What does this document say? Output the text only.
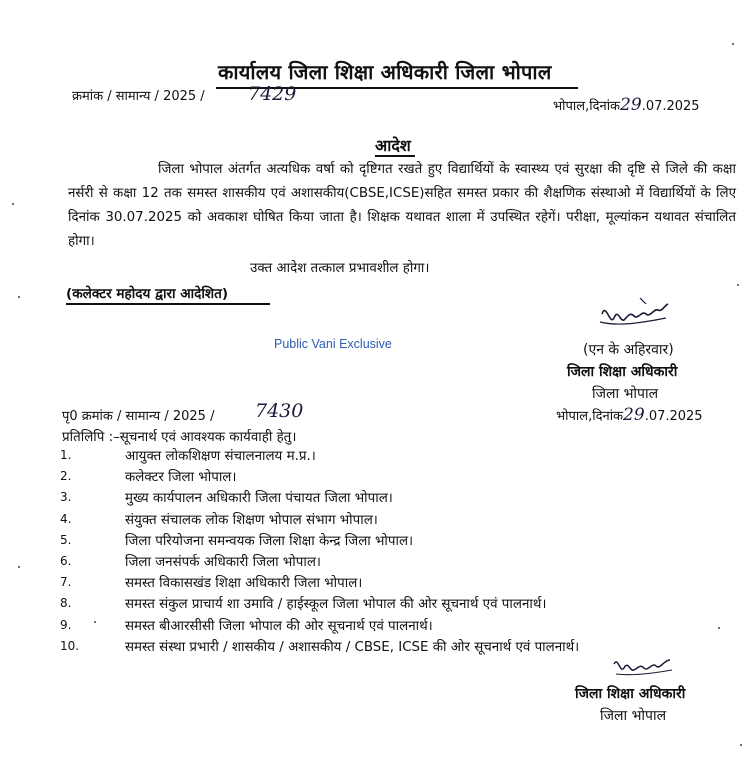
कार्यालय जिला शिक्षा अधिकारी जिला भोपाल
क्रमांक / सामान्य / 2025 / 7429
भोपाल,दिनांक29.07.2025
आदेश
जिला भोपाल अंतर्गत अत्यधिक वर्षा को दृष्टिगत रखते हुए विद्यार्थियों के स्वास्थ्य एवं सुरक्षा की दृष्टि से जिले की कक्षा नर्सरी से कक्षा 12 तक समस्त शासकीय एवं अशासकीय(CBSE,ICSE)सहित समस्त प्रकार की शैक्षणिक संस्थाओ में विद्यार्थियों के लिए दिनांक 30.07.2025 को अवकाश घोषित किया जाता है। शिक्षक यथावत शाला में उपस्थित रहेगें। परीक्षा, मूल्यांकन यथावत संचालित होगा।
उक्त आदेश तत्काल प्रभावशील होगा।
(कलेक्टर महोदय द्वारा आदेशित)
Public Vani Exclusive	(एन के अहिरवार)
जिला शिक्षा अधिकारी
जिला भोपाल
भोपाल,दिनांक29.07.2025
पृ0 क्रमांक / सामान्य / 2025 / 7430
प्रतिलिपि :–सूचनार्थ एवं आवश्यक कार्यवाही हेतु।
1.	आयुक्त लोकशिक्षण संचालनालय म.प्र.।
2.	कलेक्टर जिला भोपाल।
3.	मुख्य कार्यपालन अधिकारी जिला पंचायत जिला भोपाल।
4.	संयुक्त संचालक लोक शिक्षण भोपाल संभाग भोपाल।
5.	जिला परियोजना समन्वयक जिला शिक्षा केन्द्र जिला भोपाल।
6.	जिला जनसंपर्क अधिकारी जिला भोपाल।
7.	समस्त विकासखंड शिक्षा अधिकारी जिला भोपाल।
8.	समस्त संकुल प्राचार्य शा उमावि / हाईस्कूल जिला भोपाल की ओर सूचनार्थ एवं पालनार्थ।
9.	समस्त बीआरसीसी जिला भोपाल की ओर सूचनार्थ एवं पालनार्थ।
10.	समस्त संस्था प्रभारी / शासकीय / अशासकीय / CBSE, ICSE की ओर सूचनार्थ एवं पालनार्थ।
जिला शिक्षा अधिकारी
जिला भोपाल
